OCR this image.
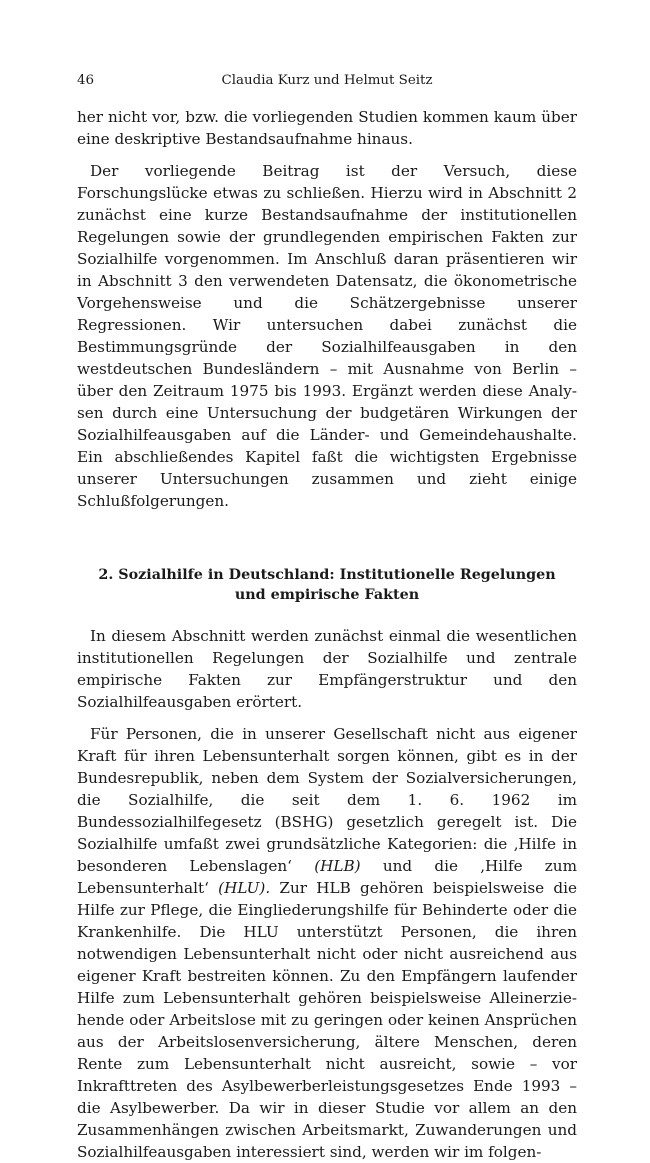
46	Claudia Kurz und Helmut Seitz

her nicht vor, bzw. die vorliegenden Studien kommen kaum über eine deskriptive Bestandsaufnahme hinaus.

Der vorliegende Beitrag ist der Versuch, diese Forschungslücke etwas zu schließen. Hierzu wird in Abschnitt 2 zunächst eine kurze Bestandsaufnahme der institutionellen Regelungen sowie der grundlegenden empirischen Fakten zur Sozialhilfe vorgenommen. Im Anschluß daran präsentieren wir in Abschnitt 3 den verwendeten Datensatz, die ökonometrische Vorgehensweise und die Schätzergebnisse unserer Regressionen. Wir untersuchen dabei zunächst die Bestimmungsgründe der Sozialhilfeausgaben in den westdeutschen Bundesländern – mit Ausnahme von Berlin – über den Zeitraum 1975 bis 1993. Ergänzt werden diese Analysen durch eine Untersuchung der budgetären Wirkungen der Sozialhilfeausgaben auf die Länder- und Gemeindehaushalte. Ein abschließendes Kapitel faßt die wichtigsten Ergebnisse unserer Untersuchungen zusammen und zieht einige Schlußfolgerungen.

2. Sozialhilfe in Deutschland: Institutionelle Regelungen
und empirische Fakten

In diesem Abschnitt werden zunächst einmal die wesentlichen institutionellen Regelungen der Sozialhilfe und zentrale empirische Fakten zur Empfängerstruktur und den Sozialhilfeausgaben erörtert.

Für Personen, die in unserer Gesellschaft nicht aus eigener Kraft für ihren Lebensunterhalt sorgen können, gibt es in der Bundesrepublik, neben dem System der Sozialversicherungen, die Sozialhilfe, die seit dem 1. 6. 1962 im Bundessozialhilfegesetz (BSHG) gesetzlich geregelt ist. Die Sozialhilfe umfaßt zwei grundsätzliche Kategorien: die ‚Hilfe in besonderen Lebenslagen‘ (HLB) und die ‚Hilfe zum Lebensunterhalt‘ (HLU). Zur HLB gehören beispielsweise die Hilfe zur Pflege, die Eingliederungshilfe für Behinderte oder die Krankenhilfe. Die HLU unterstützt Personen, die ihren notwendigen Lebensunterhalt nicht oder nicht ausreichend aus eigener Kraft bestreiten können. Zu den Empfängern laufender Hilfe zum Lebensunterhalt gehören beispielsweise Alleinerziehende oder Arbeitslose mit zu geringen oder keinen Ansprüchen aus der Arbeitslosenversicherung, ältere Menschen, deren Rente zum Lebensunterhalt nicht ausreicht, sowie – vor Inkrafttreten des Asylbewerberleistungsgesetzes Ende 1993 – die Asylbewerber. Da wir in dieser Studie vor allem an den Zusammenhängen zwischen Arbeitsmarkt, Zuwanderungen und Sozialhilfeausgaben interessiert sind, werden wir im folgen-
